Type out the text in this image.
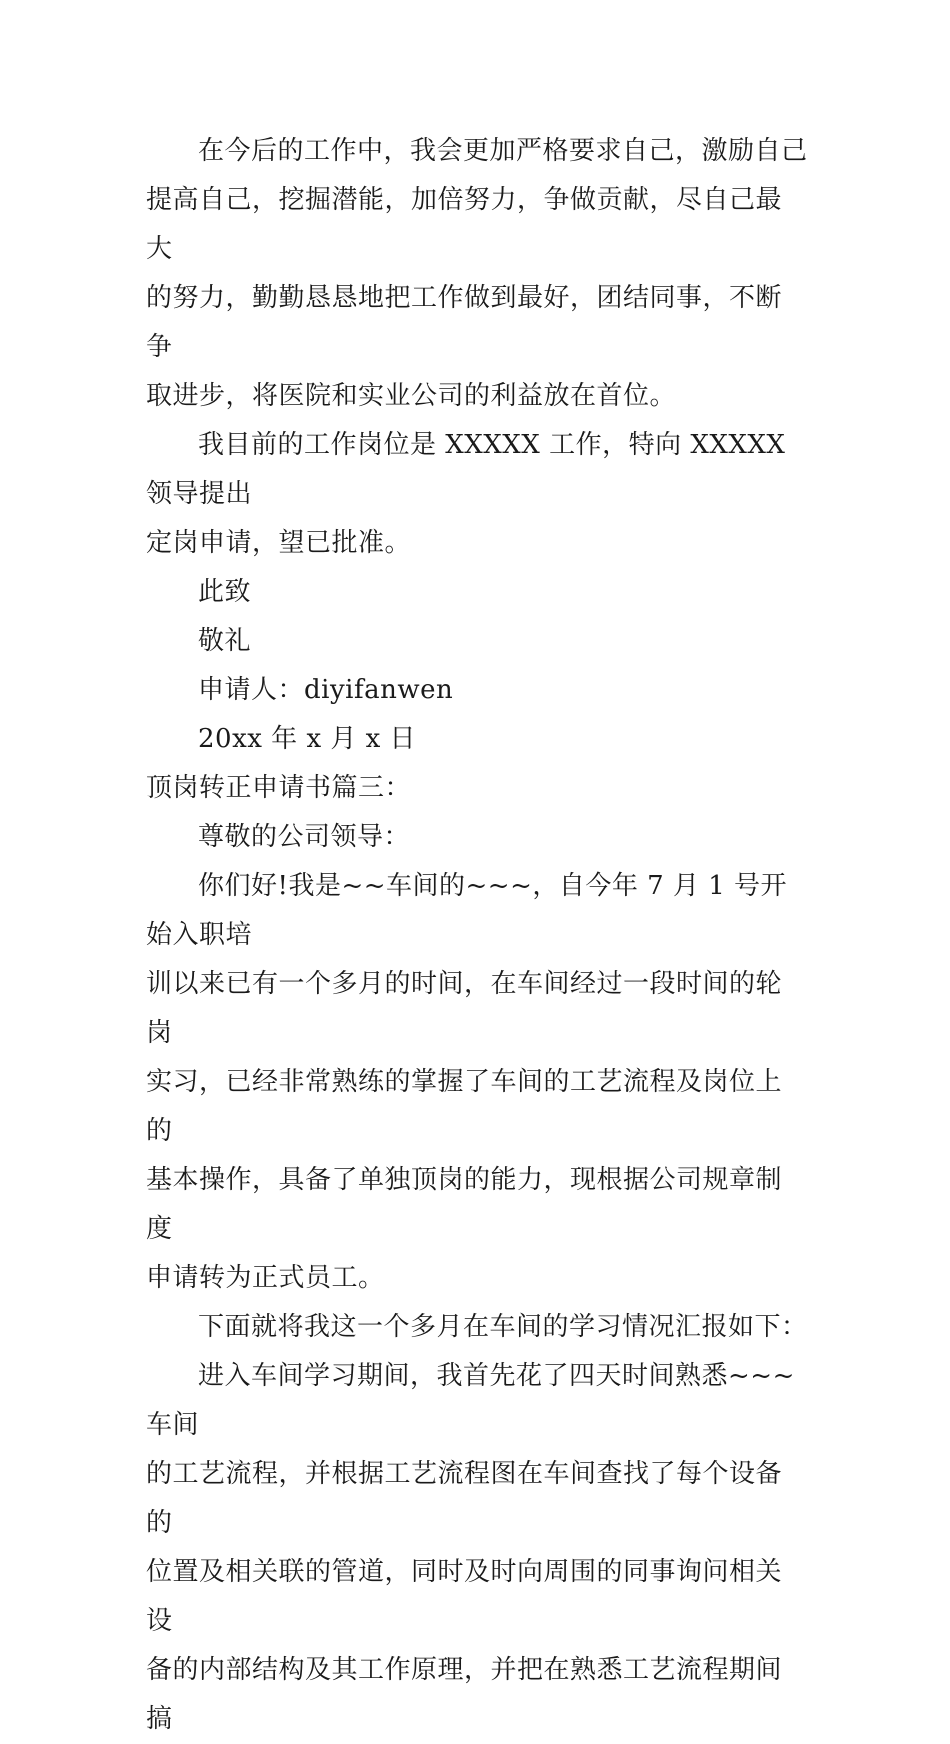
在今后的工作中，我会更加严格要求自己，激励自己
提高自己，挖掘潜能，加倍努力，争做贡献，尽自己最大
的努力，勤勤恳恳地把工作做到最好，团结同事，不断争
取进步，将医院和实业公司的利益放在首位。
我目前的工作岗位是 XXXXX 工作，特向 XXXXX 领导提出
定岗申请，望已批准。
此致
敬礼
申请人：diyifanwen
20xx 年 x 月 x 日
顶岗转正申请书篇三：
尊敬的公司领导：
你们好!我是~~车间的~~~，自今年 7 月 1 号开始入职培
训以来已有一个多月的时间，在车间经过一段时间的轮岗
实习，已经非常熟练的掌握了车间的工艺流程及岗位上的
基本操作，具备了单独顶岗的能力，现根据公司规章制度
申请转为正式员工。
下面就将我这一个多月在车间的学习情况汇报如下：
进入车间学习期间，我首先花了四天时间熟悉~~~车间
的工艺流程，并根据工艺流程图在车间查找了每个设备的
位置及相关联的管道，同时及时向周围的同事询问相关设
备的内部结构及其工作原理，并把在熟悉工艺流程期间搞
